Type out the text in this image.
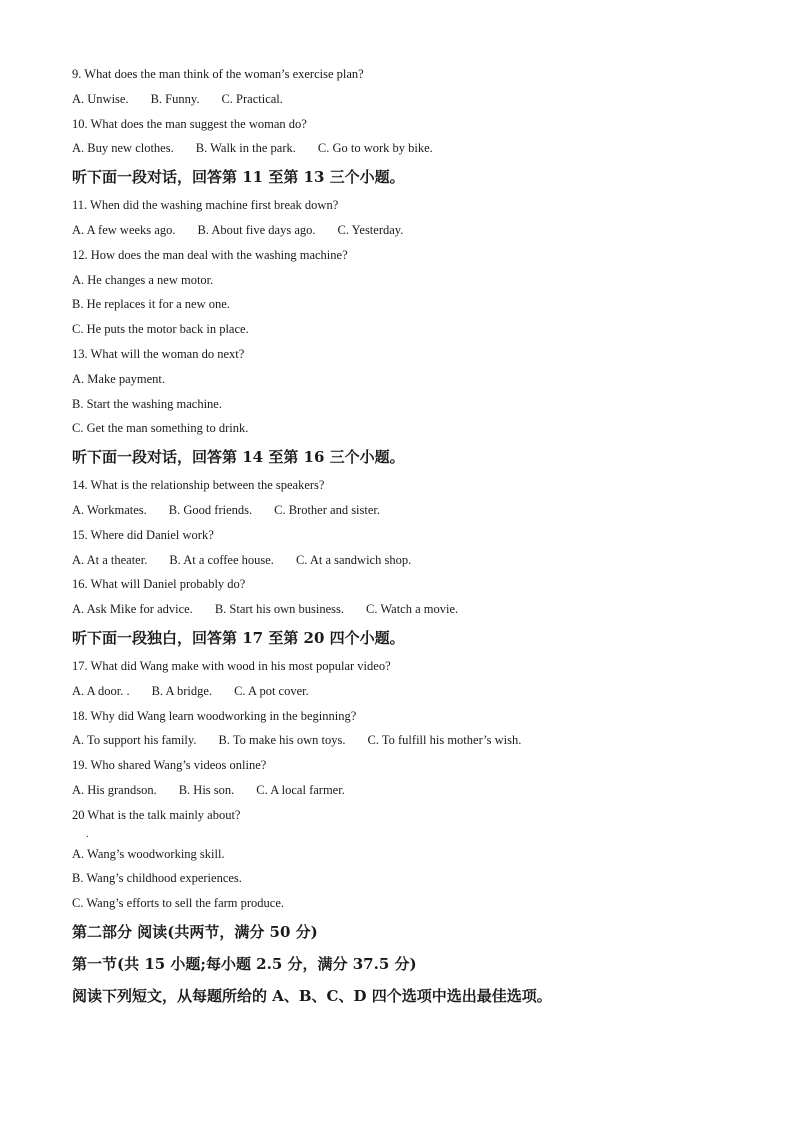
9. What does the man think of the woman’s exercise plan?
A. Unwise. B. Funny. C. Practical.
10. What does the man suggest the woman do?
A. Buy new clothes. B. Walk in the park. C. Go to work by bike.
听下面一段对话，回答第 11 至第 13 三个小题。
11. When did the washing machine first break down?
A. A few weeks ago. B. About five days ago. C. Yesterday.
12. How does the man deal with the washing machine?
A. He changes a new motor.
B. He replaces it for a new one.
C. He puts the motor back in place.
13. What will the woman do next?
A. Make payment.
B. Start the washing machine.
C. Get the man something to drink.
听下面一段对话，回答第 14 至第 16 三个小题。
14. What is the relationship between the speakers?
A. Workmates. B. Good friends. C. Brother and sister.
15. Where did Daniel work?
A. At a theater. B. At a coffee house. C. At a sandwich shop.
16. What will Daniel probably do?
A. Ask Mike for advice. B. Start his own business. C. Watch a movie.
听下面一段独白，回答第 17 至第 20 四个小题。
17. What did Wang make with wood in his most popular video?
A. A door. . B. A bridge. C. A pot cover.
18. Why did Wang learn woodworking in the beginning?
A. To support his family. B. To make his own toys. C. To fulfill his mother’s wish.
19. Who shared Wang’s videos online?
A. His grandson. B. His son. C. A local farmer.
20 What is the talk mainly about?
.
A. Wang’s woodworking skill.
B. Wang’s childhood experiences.
C. Wang’s efforts to sell the farm produce.
第二部分 阅读(共两节，满分 50 分)
第一节(共 15 小题;每小题 2.5 分，满分 37.5 分)
阅读下列短文，从每题所给的 A、B、C、D 四个选项中选出最佳选项。
